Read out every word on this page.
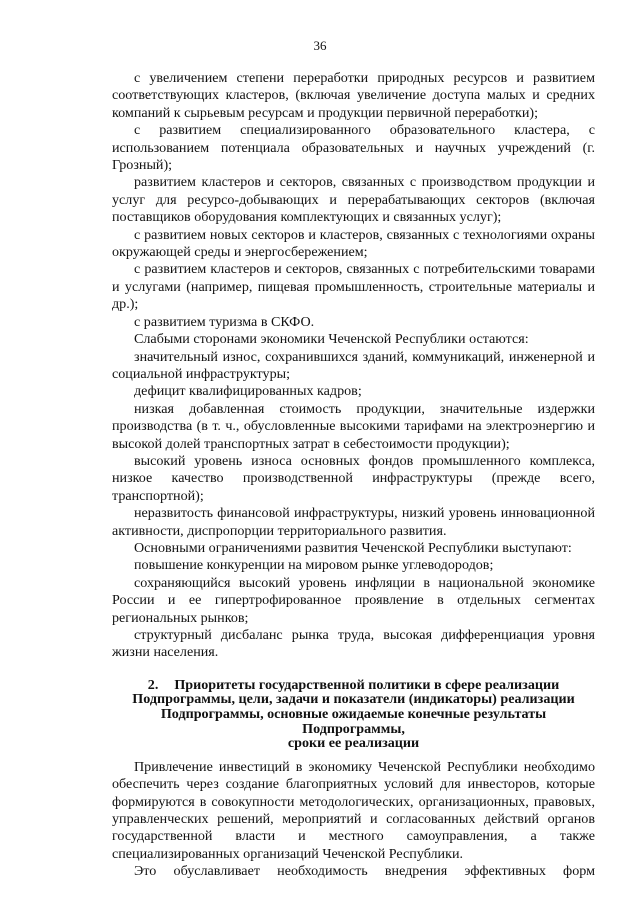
36

с увеличением степени переработки природных ресурсов и развитием соответствующих кластеров, (включая увеличение доступа малых и средних компаний к сырьевым ресурсам и продукции первичной переработки);

с развитием специализированного образовательного кластера, с использованием потенциала образовательных и научных учреждений (г. Грозный);

развитием кластеров и секторов, связанных с производством продукции и услуг для ресурсо-добывающих и перерабатывающих секторов (включая поставщиков оборудования комплектующих и связанных услуг);

с развитием новых секторов и кластеров, связанных с технологиями охраны окружающей среды и энергосбережением;

с развитием кластеров и секторов, связанных с потребительскими товарами и услугами (например, пищевая промышленность, строительные материалы и др.);

с развитием туризма в СКФО.

Слабыми сторонами экономики Чеченской Республики остаются:

значительный износ, сохранившихся зданий, коммуникаций, инженерной и социальной инфраструктуры;

дефицит квалифицированных кадров;

низкая добавленная стоимость продукции, значительные издержки производства (в т. ч., обусловленные высокими тарифами на электроэнергию и высокой долей транспортных затрат в себестоимости продукции);

высокий уровень износа основных фондов промышленного комплекса, низкое качество производственной инфраструктуры (прежде всего, транспортной);

неразвитость финансовой инфраструктуры, низкий уровень инновационной активности, диспропорции территориального развития.

Основными ограничениями развития Чеченской Республики выступают:

повышение конкуренции на мировом рынке углеводородов;

сохраняющийся высокий уровень инфляции в национальной экономике России и ее гипертрофированное проявление в отдельных сегментах региональных рынков;

структурный дисбаланс рынка труда, высокая дифференциация уровня жизни населения.

2. Приоритеты государственной политики в сфере реализации
Подпрограммы, цели, задачи и показатели (индикаторы) реализации
Подпрограммы, основные ожидаемые конечные результаты Подпрограммы,
сроки ее реализации

Привлечение инвестиций в экономику Чеченской Республики необходимо обеспечить через создание благоприятных условий для инвесторов, которые формируются в совокупности методологических, организационных, правовых, управленческих решений, мероприятий и согласованных действий органов государственной власти и местного самоуправления, а также специализированных организаций Чеченской Республики.

Это обуславливает необходимость внедрения эффективных форм
